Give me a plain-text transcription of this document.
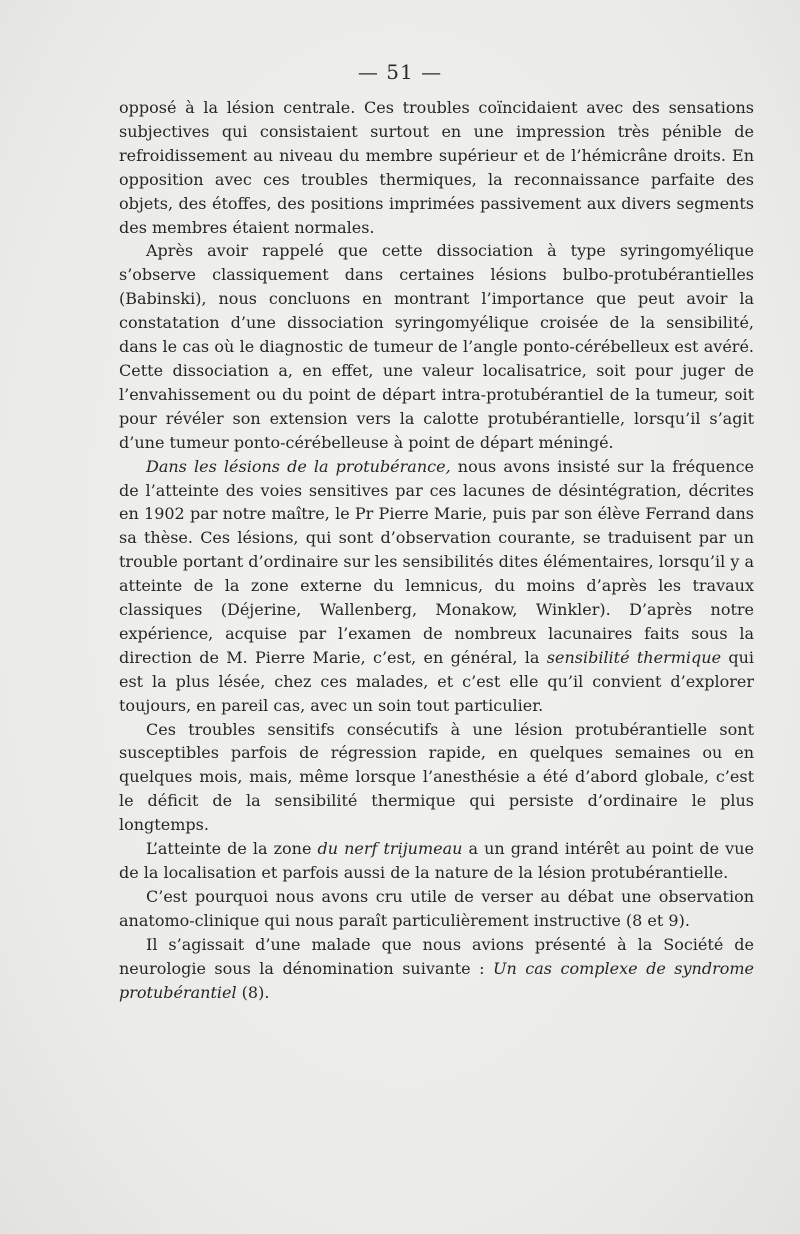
— 51 —

opposé à la lésion centrale. Ces troubles coïncidaient avec des sensations subjectives qui consistaient surtout en une impression très pénible de refroidissement au niveau du membre supérieur et de l’hémicrâne droits. En opposition avec ces troubles thermiques, la reconnaissance parfaite des objets, des étoffes, des positions imprimées passivement aux divers segments des membres étaient normales.

Après avoir rappelé que cette dissociation à type syringomyélique s’observe classiquement dans certaines lésions bulbo-protubérantielles (Babinski), nous concluons en montrant l’importance que peut avoir la constatation d’une dissociation syringomyélique croisée de la sensibilité, dans le cas où le diagnostic de tumeur de l’angle ponto-cérébelleux est avéré. Cette dissociation a, en effet, une valeur localisatrice, soit pour juger de l’envahissement ou du point de départ intra-protubérantiel de la tumeur, soit pour révéler son extension vers la calotte protubérantielle, lorsqu’il s’agit d’une tumeur ponto-cérébelleuse à point de départ méningé.

Dans les lésions de la protubérance, nous avons insisté sur la fréquence de l’atteinte des voies sensitives par ces lacunes de désintégration, décrites en 1902 par notre maître, le Pr Pierre Marie, puis par son élève Ferrand dans sa thèse. Ces lésions, qui sont d’observation courante, se traduisent par un trouble portant d’ordinaire sur les sensibilités dites élémentaires, lorsqu’il y a atteinte de la zone externe du lemnicus, du moins d’après les travaux classiques (Déjerine, Wallenberg, Monakow, Winkler). D’après notre expérience, acquise par l’examen de nombreux lacunaires faits sous la direction de M. Pierre Marie, c’est, en général, la sensibilité thermique qui est la plus lésée, chez ces malades, et c’est elle qu’il convient d’explorer toujours, en pareil cas, avec un soin tout particulier.

Ces troubles sensitifs consécutifs à une lésion protubérantielle sont susceptibles parfois de régression rapide, en quelques semaines ou en quelques mois, mais, même lorsque l’anesthésie a été d’abord globale, c’est le déficit de la sensibilité thermique qui persiste d’ordinaire le plus longtemps.

L’atteinte de la zone du nerf trijumeau a un grand intérêt au point de vue de la localisation et parfois aussi de la nature de la lésion protubérantielle.

C’est pourquoi nous avons cru utile de verser au débat une observation anatomo-clinique qui nous paraît particulièrement instructive (8 et 9).

Il s’agissait d’une malade que nous avions présenté à la Société de neurologie sous la dénomination suivante : Un cas complexe de syndrome protubérantiel (8).
